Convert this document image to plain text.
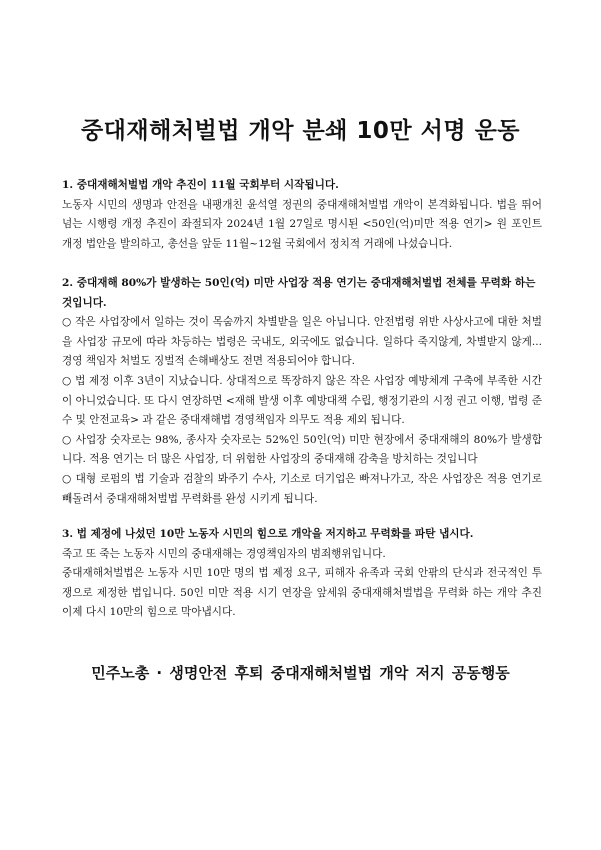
중대재해처벌법 개악 분쇄 10만 서명 운동
1. 중대재해처벌법 개악 추진이 11월 국회부터 시작됩니다.
노동자 시민의 생명과 안전을 내팽개친 윤석열 정권의 중대재해처벌법 개악이 본격화됩니다. 법을 뛰어넘는 시행령 개정 추진이 좌절되자 2024년 1월 27일로 명시된 <50인(억)미만 적용 연기> 원 포인트 개정 법안을 발의하고, 총선을 앞둔 11월~12월 국회에서 정치적 거래에 나섰습니다.
2. 중대재해 80%가 발생하는 50인(억) 미만 사업장 적용 연기는 중대재해처벌법 전체를 무력화 하는 것입니다.
○ 작은 사업장에서 일하는 것이 목숨까지 차별받을 일은 아닙니다. 안전법령 위반 사상사고에 대한 처벌을 사업장 규모에 따라 차등하는 법령은 국내도, 외국에도 없습니다. 일하다 죽지않게, 차별받지 않게... 경영 책임자 처벌도 징벌적 손해배상도 전면 적용되어야 합니다.
○ 법 제정 이후 3년이 지났습니다. 상대적으로 똑장하지 않은 작은 사업장 예방체계 구축에 부족한 시간이 아니었습니다. 또 다시 연장하면 <재해 발생 이후 예방대책 수립, 행정기관의 시정 권고 이행, 법령 준수 및 안전교육> 과 같은 중대재해법 경영책임자 의무도 적용 제외 됩니다.
○ 사업장 숫자로는 98%, 종사자 숫자로는 52%인 50인(억) 미만 현장에서 중대재해의 80%가 발생합니다. 적용 연기는 더 많은 사업장, 더 위험한 사업장의 중대재해 감축을 방치하는 것입니다
○ 대형 로펌의 법 기술과 검찰의 봐주기 수사, 기소로 더기업은 빠져나가고, 작은 사업장은 적용 연기로 빼돌려서 중대재해처벌법 무력화를 완성 시키게 됩니다.
3. 법 제정에 나섰던 10만 노동자 시민의 힘으로 개악을 저지하고 무력화를 파탄 냅시다.
죽고 또 죽는 노동자 시민의 중대재해는 경영책임자의 범죄행위입니다.
중대재해처벌법은 노동자 시민 10만 명의 법 제정 요구, 피해자 유족과 국회 안팎의 단식과 전국적인 투쟁으로 제정한 법입니다. 50인 미만 적용 시기 연장을 앞세워 중대재해처벌법을 무력화 하는 개악 추진 이제 다시 10만의 힘으로 막아냅시다.
민주노총 · 생명안전 후퇴 중대재해처벌법 개악 저지 공동행동
